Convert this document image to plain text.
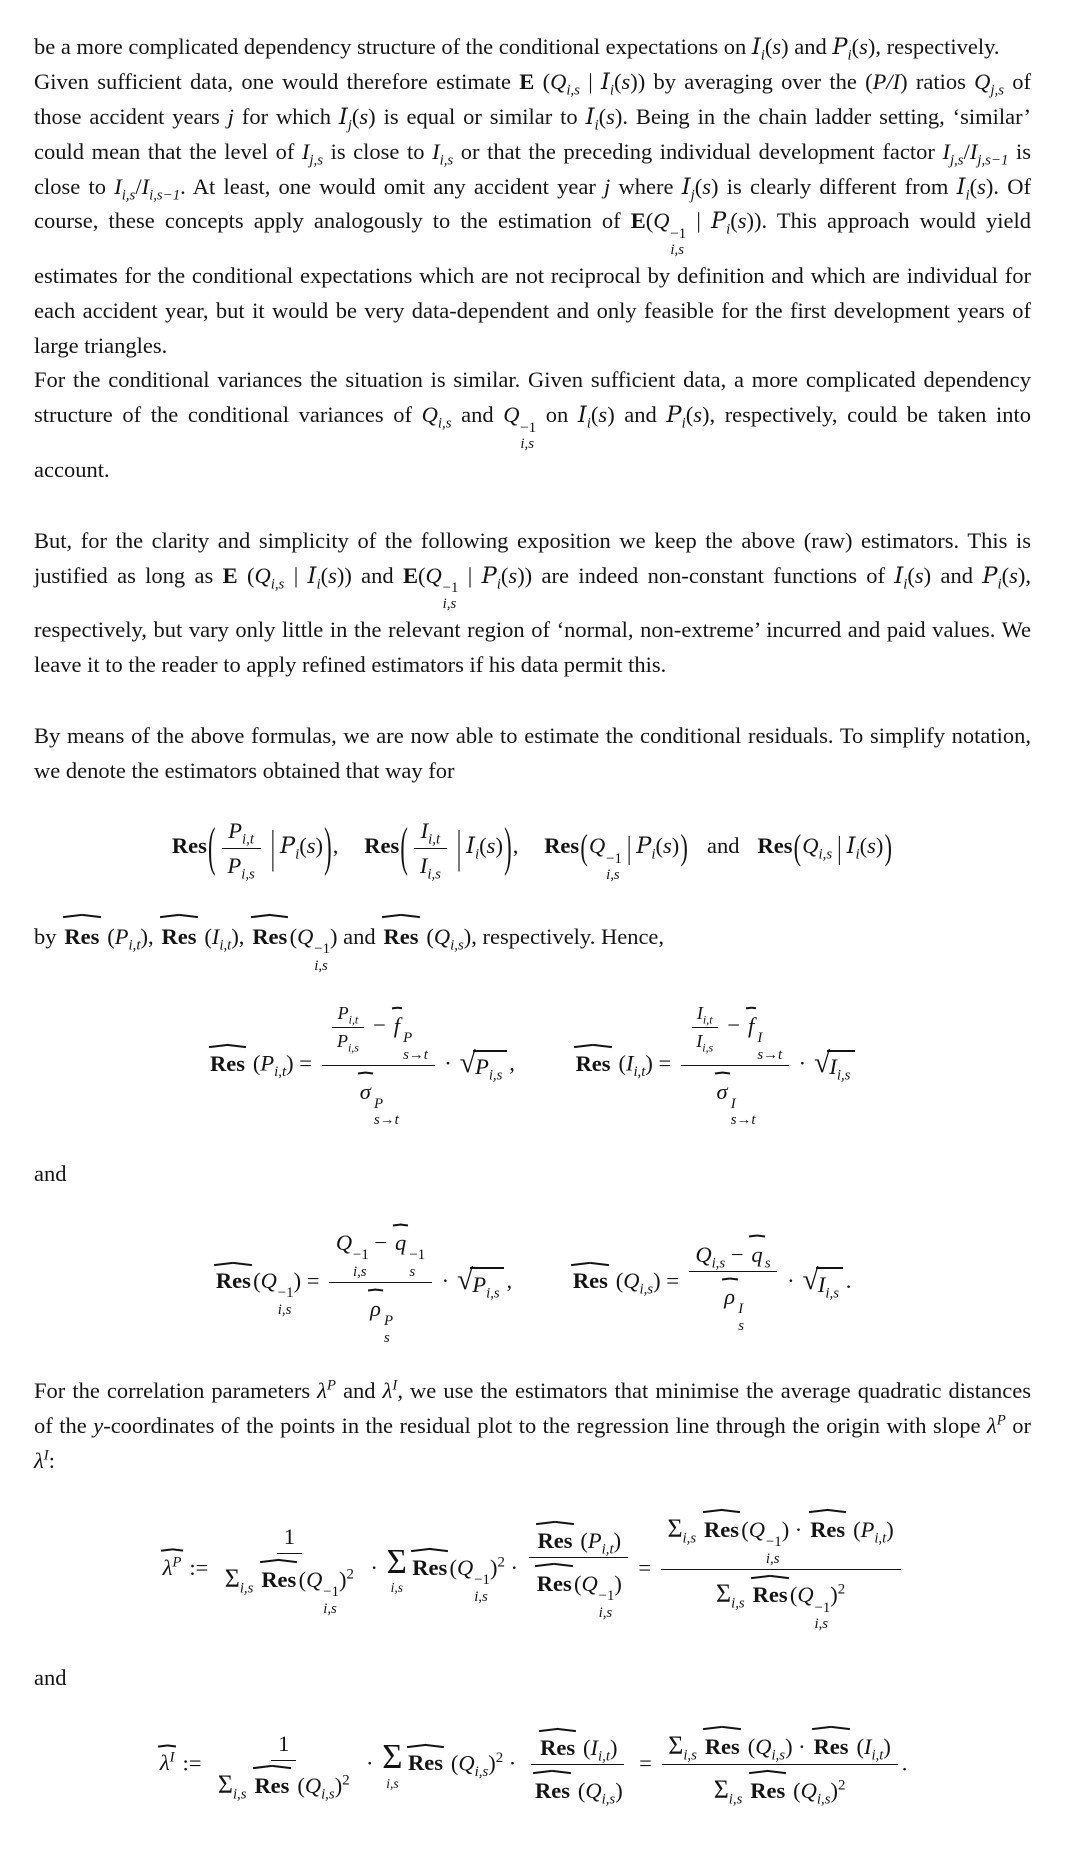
be a more complicated dependency structure of the conditional expectations on $I_i(s)$ and $P_i(s)$, respectively.

Given sufficient data, one would therefore estimate E ($Q_{i,s}$ | $I_i(s)$) by averaging over the (P/I) ratios $Q_{j,s}$ of those accident years j for which $I_j(s)$ is equal or similar to $I_i(s)$. Being in the chain ladder setting, ‘similar’ could mean that the level of $I_{j,s}$ is close to $I_{i,s}$ or that the preceding individual development factor $I_{j,s}/I_{j,s-1}$ is close to $I_{i,s}/I_{i,s-1}$. At least, one would omit any accident year j where $I_j(s)$ is clearly different from $I_i(s)$. Of course, these concepts apply analogously to the estimation of E(Q
−1
i,s
| $P_i(s)$). This approach would yield estimates for the conditional expectations which are not reciprocal by definition and which are individual for each accident year, but it would be very data-dependent and only feasible for the first development years of large triangles.

For the conditional variances the situation is similar. Given sufficient data, a more complicated dependency structure of the conditional variances of $Q_{i,s}$ and Q
−1
i,s
on $I_i(s)$ and $P_i(s)$, respectively, could be taken into account.

But, for the clarity and simplicity of the following exposition we keep the above (raw) estimators. This is justified as long as E ($Q_{i,s}$ | $I_i(s)$) and E(Q
−1
i,s
| $P_i(s)$) are indeed non-constant functions of $I_i(s)$ and $P_i(s)$, respectively, but vary only little in the relevant region of ‘normal, non-extreme’ incurred and paid values. We leave it to the reader to apply refined estimators if his data permit this.

By means of the above formulas, we are now able to estimate the conditional residuals. To simplify notation, we denote the estimators obtained that way for

$Res( \frac{P_{i,t}}{P_{i,s}}$ | $P_i(s)$), $Res( \frac{I_{i,t}}{I_{i,s}}$ | $I_i(s)$), Res(Q
−1
i,s
| $P_i(s)$) and $Res(Q_{i,s}$ | $I_i(s)$)

by Res $(P_{i,t})$, Res $(I_{i,t})$, Res (Q
−1
i,s
) and Res $(Q_{i,s})$, respectively. Hence,

Res $(P_{i,t}) = \frac{P_{i,t}}{P_{i,s}} - f$
P
s→t
σ
P
s→t · √ $P_{i,s}$
,	Res $(I_{i,t}) = \frac{I_{i,t}}{I_{i,s}} - f$
I
s→t
σ
I
s→t · √ $I_{i,s}$

and

Res (Q
−1
i,s
) = Q
−1
i,s
− q
−1
s
ρ
P
s · √ $P_{i,s}$
,	Res $(Q_{i,s}) = Q_{i,s} - q$ $_s$
ρ
I
s · √ $I_{i,s}$
.

For the correlation parameters $\lambda^P$ and $\lambda^I$, we use the estimators that minimise the average quadratic distances of the y-coordinates of the points in the residual plot to the regression line through the origin with slope $\lambda^P$ or $\lambda^I$:

$\lambda^P$ := 1
$\Sigma_{i,s}$ Res (Q
−1
i,s
)$^2$ · Σ
i,s
Res (Q
−1
i,s
)$^2$ · Res $(P_{i,t})$
Res (Q
−1
i,s
) = $\Sigma_{i,s}$ Res (Q
−1
i,s
) · Res $(P_{i,t})$
$\Sigma_{i,s}$ Res (Q
−1
i,s
)$^2$

and

$\lambda^I$ := $\frac{1}{\Sigma_{i,s} Res (Q_{i,s})^2} \cdot \Sigma$
i,s
Res $(Q_{i,s})^2 \cdot \frac{Res (I_{i,t})}{Res (Q_{i,s})} = \frac{\Sigma_{i,s} Res (Q_{i,s}) \cdot Res (I_{i,t})}{\Sigma_{i,s} Res (Q_{i,s})^2}$ .
